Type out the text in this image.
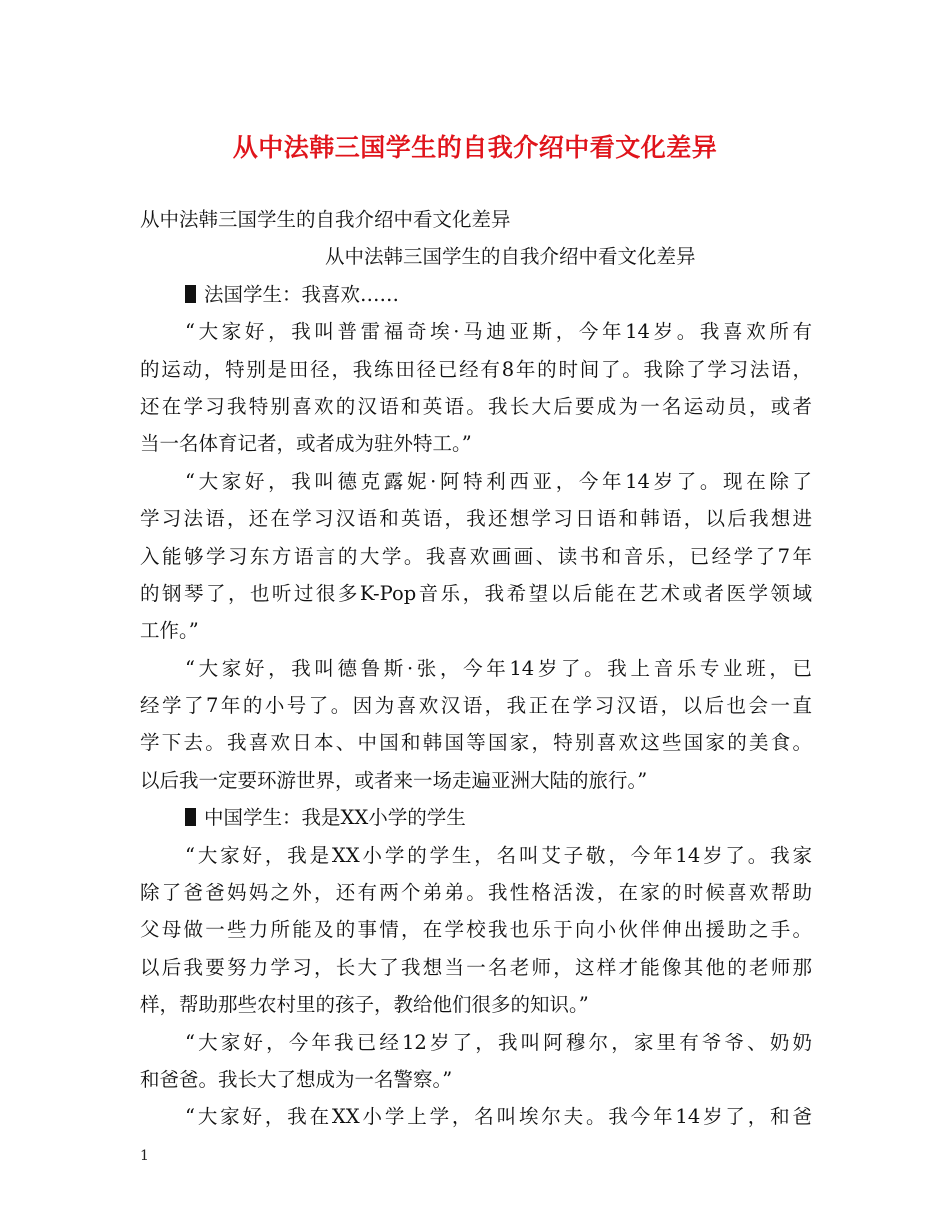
从中法韩三国学生的自我介绍中看文化差异
从中法韩三国学生的自我介绍中看文化差异
从中法韩三国学生的自我介绍中看文化差异
法国学生：我喜欢……
“大家好，我叫普雷福奇埃·马迪亚斯，今年14岁。我喜欢所有
的运动，特别是田径，我练田径已经有8年的时间了。我除了学习法语，
还在学习我特别喜欢的汉语和英语。我长大后要成为一名运动员，或者
当一名体育记者，或者成为驻外特工。”
“大家好，我叫德克露妮·阿特利西亚，今年14岁了。现在除了
学习法语，还在学习汉语和英语，我还想学习日语和韩语，以后我想进
入能够学习东方语言的大学。我喜欢画画、读书和音乐，已经学了7年
的钢琴了，也听过很多K-Pop音乐，我希望以后能在艺术或者医学领域
工作。”
“大家好，我叫德鲁斯·张，今年14岁了。我上音乐专业班，已
经学了7年的小号了。因为喜欢汉语，我正在学习汉语，以后也会一直
学下去。我喜欢日本、中国和韩国等国家，特别喜欢这些国家的美食。
以后我一定要环游世界，或者来一场走遍亚洲大陆的旅行。”
中国学生：我是XX小学的学生
“大家好，我是XX小学的学生，名叫艾子敬，今年14岁了。我家
除了爸爸妈妈之外，还有两个弟弟。我性格活泼，在家的时候喜欢帮助
父母做一些力所能及的事情，在学校我也乐于向小伙伴伸出援助之手。
以后我要努力学习，长大了我想当一名老师，这样才能像其他的老师那
样，帮助那些农村里的孩子，教给他们很多的知识。”
“大家好，今年我已经12岁了，我叫阿穆尔，家里有爷爷、奶奶
和爸爸。我长大了想成为一名警察。”
“大家好，我在XX小学上学，名叫埃尔夫。我今年14岁了，和爸
1
